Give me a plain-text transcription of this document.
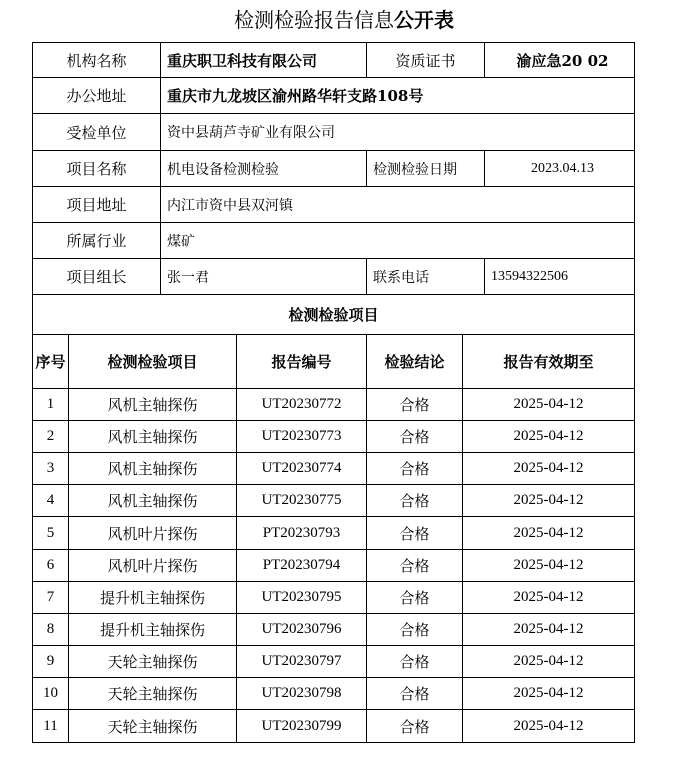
检测检验报告信息公开表
机构名称	重庆职卫科技有限公司	资质证书	渝应急20 02
办公地址	重庆市九龙坡区渝州路华轩支路108号		
受检单位	资中县葫芦寺矿业有限公司		
项目名称	机电设备检测检验	检测检验日期	2023.04.13
项目地址	内江市资中县双河镇		
所属行业	煤矿		
项目组长	张一君	联系电话	13594322506
检测检验项目			
序号	检测检验项目	报告编号	检验结论	报告有效期至
1	风机主轴探伤	UT20230772	合格	2025-04-12
2	风机主轴探伤	UT20230773	合格	2025-04-12
3	风机主轴探伤	UT20230774	合格	2025-04-12
4	风机主轴探伤	UT20230775	合格	2025-04-12
5	风机叶片探伤	PT20230793	合格	2025-04-12
6	风机叶片探伤	PT20230794	合格	2025-04-12
7	提升机主轴探伤	UT20230795	合格	2025-04-12
8	提升机主轴探伤	UT20230796	合格	2025-04-12
9	天轮主轴探伤	UT20230797	合格	2025-04-12
10	天轮主轴探伤	UT20230798	合格	2025-04-12
11	天轮主轴探伤	UT20230799	合格	2025-04-12
